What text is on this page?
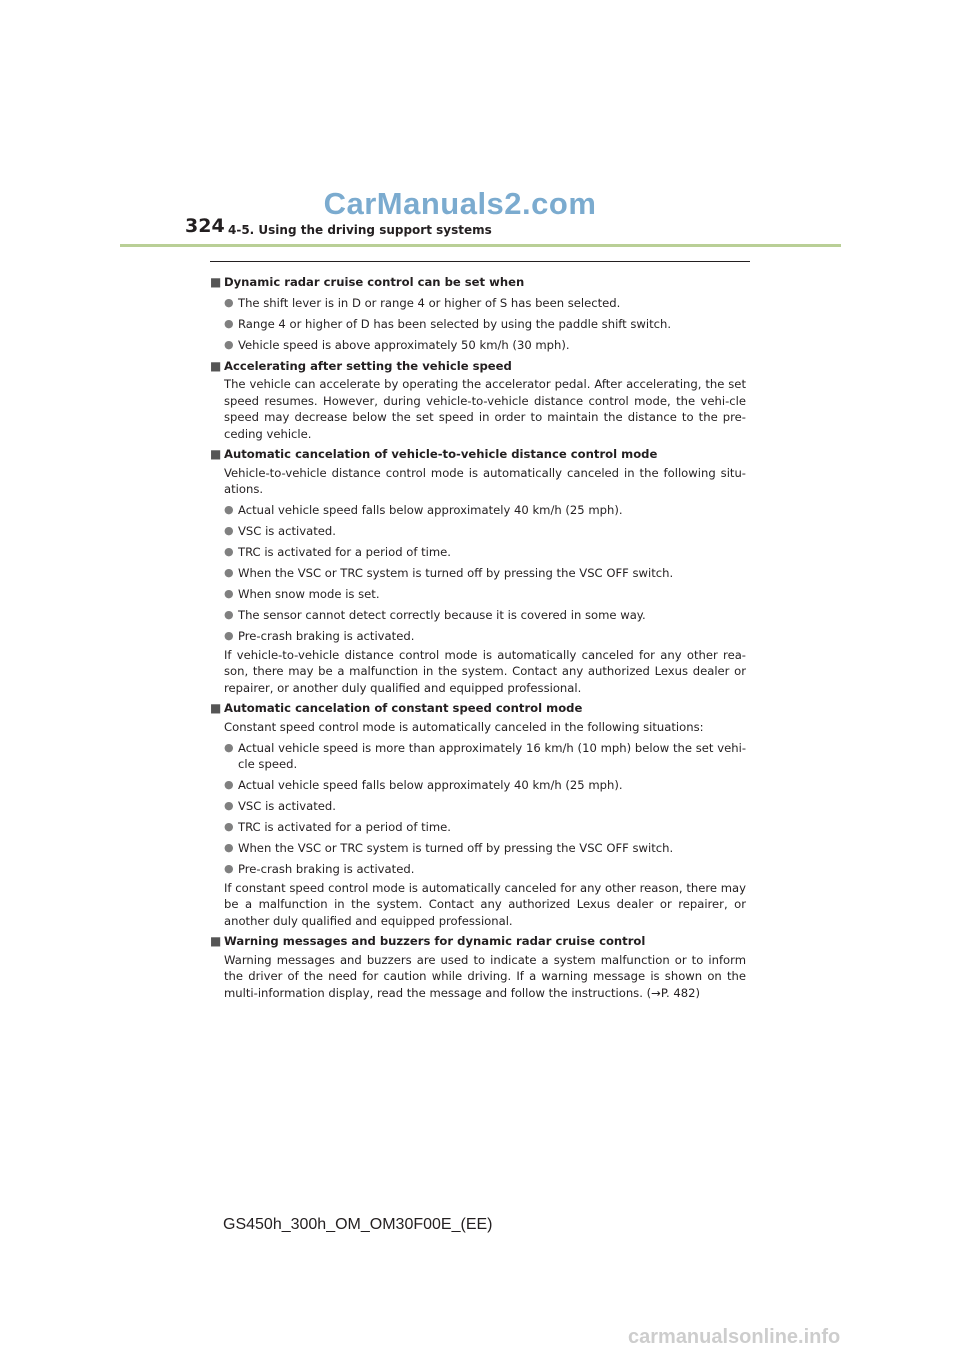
CarManuals2.com
324 4-5. Using the driving support systems
■ Dynamic radar cruise control can be set when
● The shift lever is in D or range 4 or higher of S has been selected.
● Range 4 or higher of D has been selected by using the paddle shift switch.
● Vehicle speed is above approximately 50 km/h (30 mph).
■ Accelerating after setting the vehicle speed
The vehicle can accelerate by operating the accelerator pedal. After accelerating, the set speed resumes. However, during vehicle-to-vehicle distance control mode, the vehi-cle speed may decrease below the set speed in order to maintain the distance to the pre-ceding vehicle.
■ Automatic cancelation of vehicle-to-vehicle distance control mode
Vehicle-to-vehicle distance control mode is automatically canceled in the following situ-ations.
● Actual vehicle speed falls below approximately 40 km/h (25 mph).
● VSC is activated.
● TRC is activated for a period of time.
● When the VSC or TRC system is turned off by pressing the VSC OFF switch.
● When snow mode is set.
● The sensor cannot detect correctly because it is covered in some way.
● Pre-crash braking is activated.
If vehicle-to-vehicle distance control mode is automatically canceled for any other rea-son, there may be a malfunction in the system. Contact any authorized Lexus dealer or repairer, or another duly qualified and equipped professional.
■ Automatic cancelation of constant speed control mode
Constant speed control mode is automatically canceled in the following situations:
● Actual vehicle speed is more than approximately 16 km/h (10 mph) below the set vehi-cle speed.
● Actual vehicle speed falls below approximately 40 km/h (25 mph).
● VSC is activated.
● TRC is activated for a period of time.
● When the VSC or TRC system is turned off by pressing the VSC OFF switch.
● Pre-crash braking is activated.
If constant speed control mode is automatically canceled for any other reason, there may be a malfunction in the system. Contact any authorized Lexus dealer or repairer, or another duly qualified and equipped professional.
■ Warning messages and buzzers for dynamic radar cruise control
Warning messages and buzzers are used to indicate a system malfunction or to inform the driver of the need for caution while driving. If a warning message is shown on the multi-information display, read the message and follow the instructions. (→P. 482)
GS450h_300h_OM_OM30F00E_(EE)
carmanualsonline.info
